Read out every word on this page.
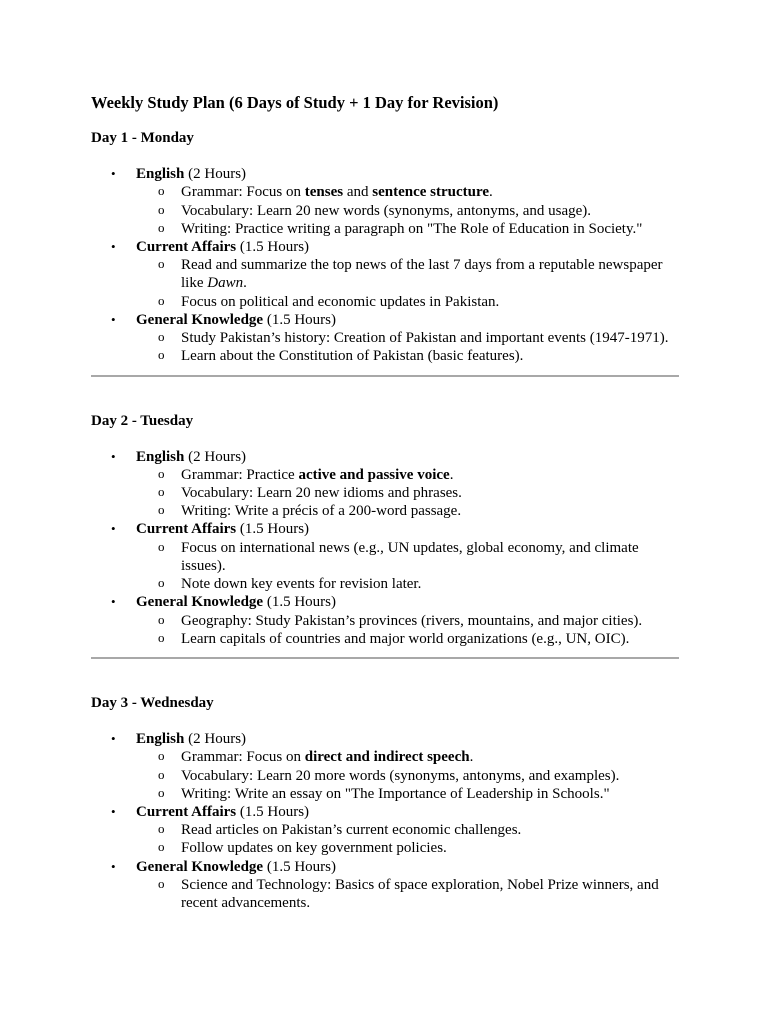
Weekly Study Plan (6 Days of Study + 1 Day for Revision)
Day 1 - Monday
• English (2 Hours)
o Grammar: Focus on tenses and sentence structure.
o Vocabulary: Learn 20 new words (synonyms, antonyms, and usage).
o Writing: Practice writing a paragraph on "The Role of Education in Society."
• Current Affairs (1.5 Hours)
o Read and summarize the top news of the last 7 days from a reputable newspaper like Dawn.
o Focus on political and economic updates in Pakistan.
• General Knowledge (1.5 Hours)
o Study Pakistan’s history: Creation of Pakistan and important events (1947-1971).
o Learn about the Constitution of Pakistan (basic features).
Day 2 - Tuesday
• English (2 Hours)
o Grammar: Practice active and passive voice.
o Vocabulary: Learn 20 new idioms and phrases.
o Writing: Write a précis of a 200-word passage.
• Current Affairs (1.5 Hours)
o Focus on international news (e.g., UN updates, global economy, and climate issues).
o Note down key events for revision later.
• General Knowledge (1.5 Hours)
o Geography: Study Pakistan’s provinces (rivers, mountains, and major cities).
o Learn capitals of countries and major world organizations (e.g., UN, OIC).
Day 3 - Wednesday
• English (2 Hours)
o Grammar: Focus on direct and indirect speech.
o Vocabulary: Learn 20 more words (synonyms, antonyms, and examples).
o Writing: Write an essay on "The Importance of Leadership in Schools."
• Current Affairs (1.5 Hours)
o Read articles on Pakistan’s current economic challenges.
o Follow updates on key government policies.
• General Knowledge (1.5 Hours)
o Science and Technology: Basics of space exploration, Nobel Prize winners, and recent advancements.
